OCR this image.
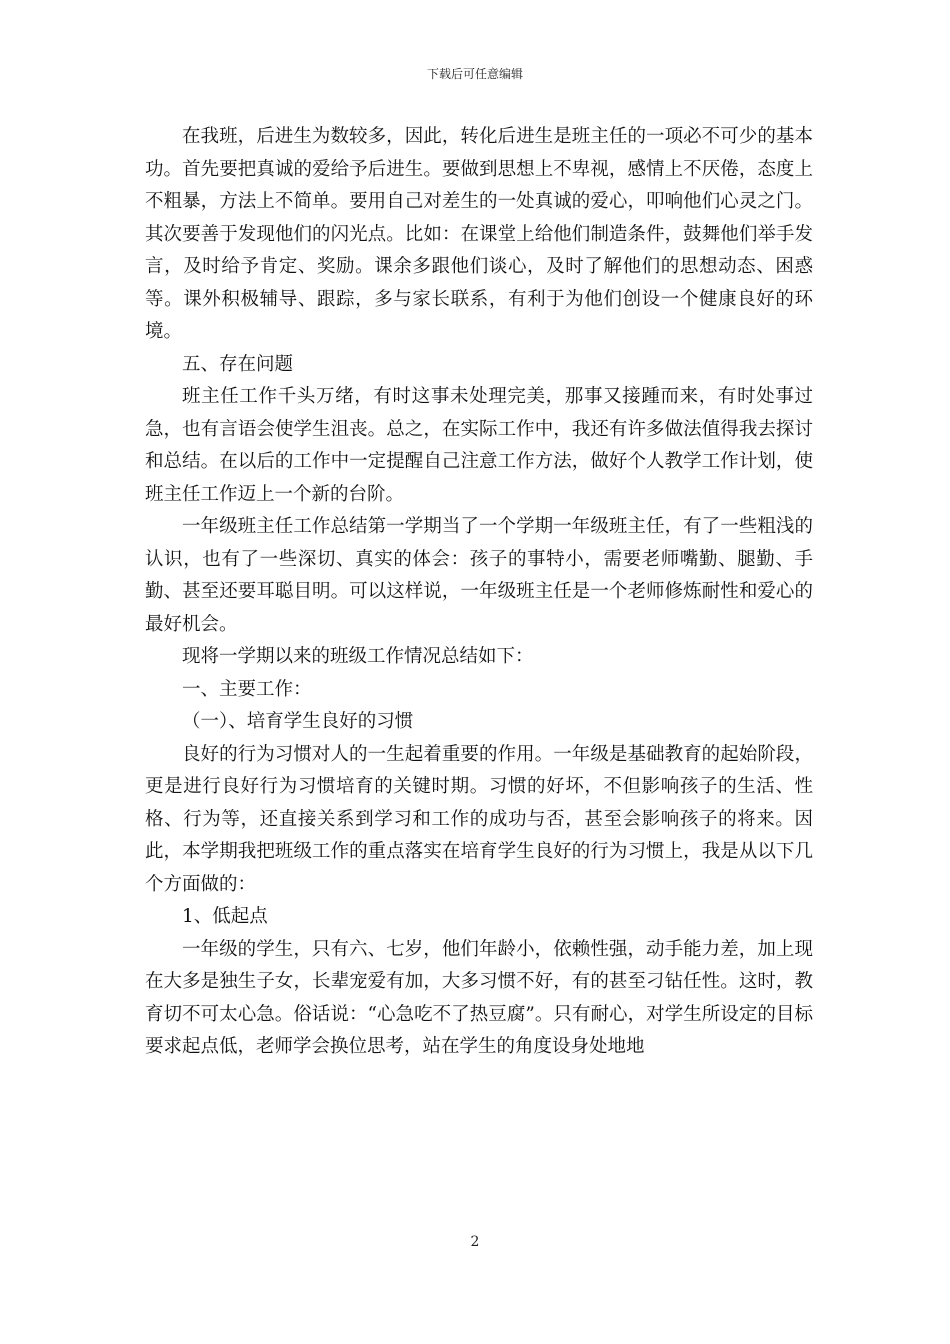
下载后可任意编辑

在我班，后进生为数较多，因此，转化后进生是班主任的一项必不可少的基本功。首先要把真诚的爱给予后进生。要做到思想上不卑视，感情上不厌倦，态度上不粗暴，方法上不简单。要用自己对差生的一处真诚的爱心，叩响他们心灵之门。其次要善于发现他们的闪光点。比如：在课堂上给他们制造条件，鼓舞他们举手发言，及时给予肯定、奖励。课余多跟他们谈心，及时了解他们的思想动态、困惑等。课外积极辅导、跟踪，多与家长联系，有利于为他们创设一个健康良好的环境。

五、存在问题

班主任工作千头万绪，有时这事未处理完美，那事又接踵而来，有时处事过急，也有言语会使学生沮丧。总之，在实际工作中，我还有许多做法值得我去探讨和总结。在以后的工作中一定提醒自己注意工作方法，做好个人教学工作计划，使班主任工作迈上一个新的台阶。

一年级班主任工作总结第一学期当了一个学期一年级班主任，有了一些粗浅的认识，也有了一些深切、真实的体会：孩子的事特小，需要老师嘴勤、腿勤、手勤、甚至还要耳聪目明。可以这样说，一年级班主任是一个老师修炼耐性和爱心的最好机会。

现将一学期以来的班级工作情况总结如下：

一、主要工作：

（一）、培育学生良好的习惯

良好的行为习惯对人的一生起着重要的作用。一年级是基础教育的起始阶段，更是进行良好行为习惯培育的关键时期。习惯的好坏，不但影响孩子的生活、性格、行为等，还直接关系到学习和工作的成功与否，甚至会影响孩子的将来。因此，本学期我把班级工作的重点落实在培育学生良好的行为习惯上，我是从以下几个方面做的：

1、低起点

一年级的学生，只有六、七岁，他们年龄小，依赖性强，动手能力差，加上现在大多是独生子女，长辈宠爱有加，大多习惯不好，有的甚至刁钻任性。这时，教育切不可太心急。俗话说：“心急吃不了热豆腐”。只有耐心，对学生所设定的目标要求起点低，老师学会换位思考，站在学生的角度设身处地地

2
